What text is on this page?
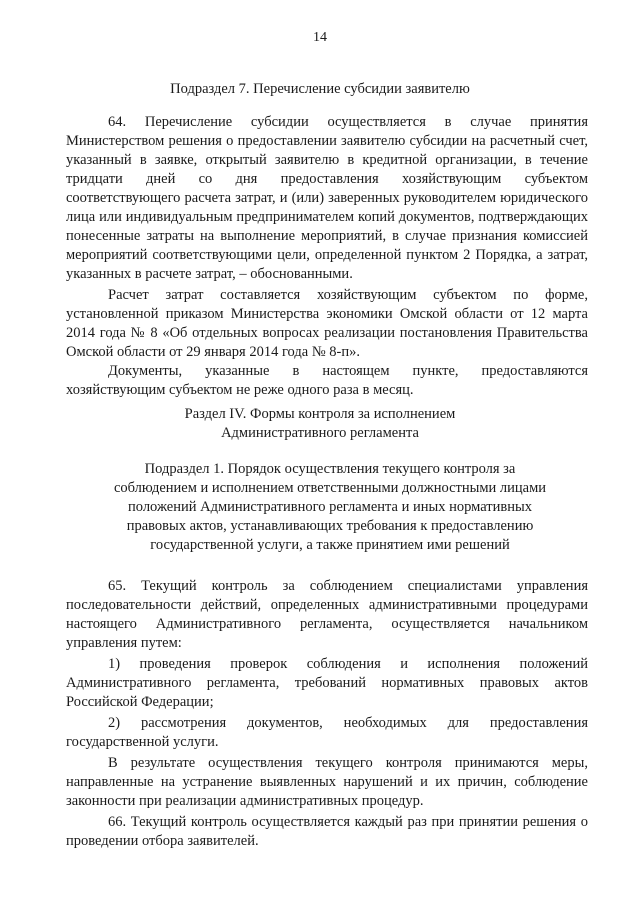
14
Подраздел 7. Перечисление субсидии заявителю

64. Перечисление субсидии осуществляется в случае принятия Министерством решения о предоставлении заявителю субсидии на расчетный счет, указанный в заявке, открытый заявителю в кредитной организации, в течение тридцати дней со дня предоставления хозяйствующим субъектом соответствующего расчета затрат, и (или) заверенных руководителем юридического лица или индивидуальным предпринимателем копий документов, подтверждающих понесенные затраты на выполнение мероприятий, в случае признания комиссией мероприятий соответствующими цели, определенной пунктом 2 Порядка, а затрат, указанных в расчете затрат, – обоснованными.

Расчет затрат составляется хозяйствующим субъектом по форме, установленной приказом Министерства экономики Омской области от 12 марта 2014 года № 8 «Об отдельных вопросах реализации постановления Правительства Омской области от 29 января 2014 года № 8-п».

Документы, указанные в настоящем пункте, предоставляются хозяйствующим субъектом не реже одного раза в месяц.

Раздел IV. Формы контроля за исполнением
Административного регламента
Подраздел 1. Порядок осуществления текущего контроля за соблюдением и исполнением ответственными должностными лицами положений Административного регламента и иных нормативных правовых актов, устанавливающих требования к предоставлению государственной услуги, а также принятием ими решений

65. Текущий контроль за соблюдением специалистами управления последовательности действий, определенных административными процедурами настоящего Административного регламента, осуществляется начальником управления путем:

1) проведения проверок соблюдения и исполнения положений Административного регламента, требований нормативных правовых актов Российской Федерации;

2) рассмотрения документов, необходимых для предоставления государственной услуги.

В результате осуществления текущего контроля принимаются меры, направленные на устранение выявленных нарушений и их причин, соблюдение законности при реализации административных процедур.

66. Текущий контроль осуществляется каждый раз при принятии решения о проведении отбора заявителей.
